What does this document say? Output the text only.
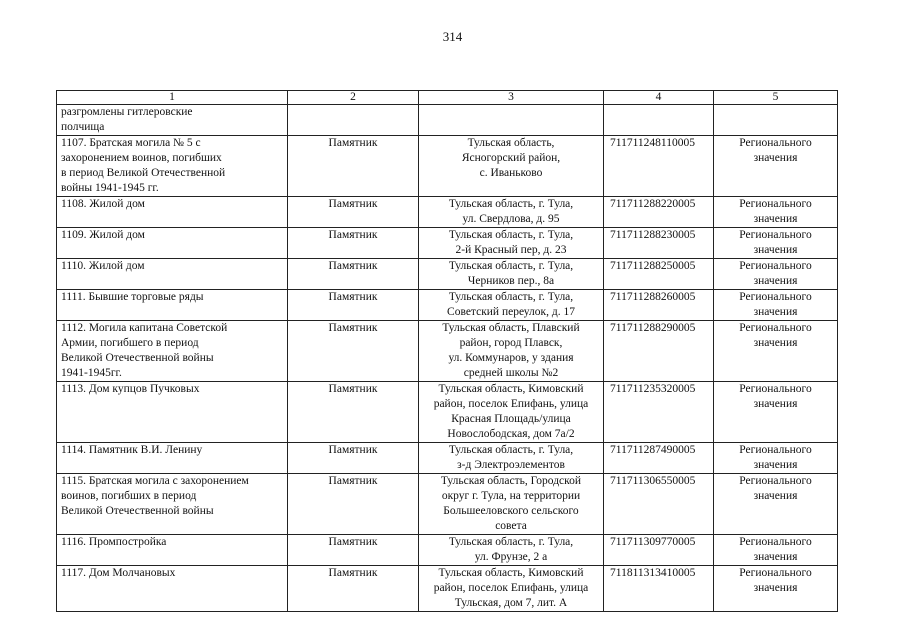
314
1	2	3	4	5

разгромлены гитлеровские
полчища				

1107. Братская могила № 5 с
захоронением воинов, погибших
в период Великой Отечественной
войны 1941-1945 гг.	Памятник	Тульская область,
Ясногорский район,
с. Иваньково	711711248110005	Регионального
значения

1108. Жилой дом	Памятник	Тульская область, г. Тула,
ул. Свердлова, д. 95	711711288220005	Регионального
значения

1109. Жилой дом	Памятник	Тульская область, г. Тула,
2-й Красный пер, д. 23	711711288230005	Регионального
значения

1110. Жилой дом	Памятник	Тульская область, г. Тула,
Черников пер., 8а	711711288250005	Регионального
значения

1111. Бывшие торговые ряды	Памятник	Тульская область, г. Тула,
Советский переулок, д. 17	711711288260005	Регионального
значения

1112. Могила капитана Советской
Армии, погибшего в период
Великой Отечественной войны
1941-1945гг.	Памятник	Тульская область, Плавский
район, город Плавск,
ул. Коммунаров, у здания
средней школы №2	711711288290005	Регионального
значения

1113. Дом купцов Пучковых	Памятник	Тульская область, Кимовский
район, поселок Епифань, улица
Красная Площадь/улица
Новослободская, дом 7а/2	711711235320005	Регионального
значения

1114. Памятник В.И. Ленину	Памятник	Тульская область, г. Тула,
з-д Электроэлементов	711711287490005	Регионального
значения

1115. Братская могила с захоронением
воинов, погибших в период
Великой Отечественной войны	Памятник	Тульская область, Городской
округ г. Тула, на территории
Большееловского сельского
совета	711711306550005	Регионального
значения

1116. Промпостройка	Памятник	Тульская область, г. Тула,
ул. Фрунзе, 2 а	711711309770005	Регионального
значения

1117. Дом Молчановых	Памятник	Тульская область, Кимовский
район, поселок Епифань, улица
Тульская, дом 7, лит. А	711811313410005	Регионального
значения
